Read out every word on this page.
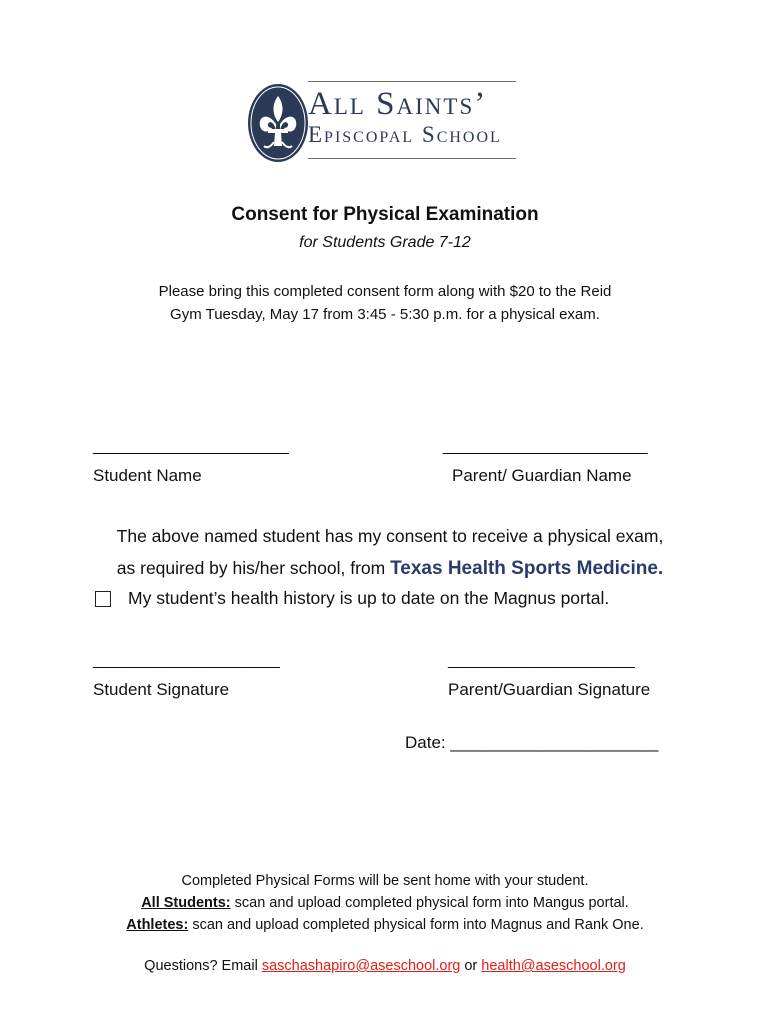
All Saints’
Episcopal School
Consent for Physical Examination
for Students Grade 7-12
Please bring this completed consent form along with $20 to the Reid
Gym Tuesday, May 17 from 3:45 - 5:30 p.m. for a physical exam.
______________________	_______________________
Student Name	Parent/ Guardian Name
The above named student has my consent to receive a physical exam,
as required by his/her school, from Texas Health Sports Medicine.
My student’s health history is up to date on the Magnus portal.
_____________________	_____________________
Student Signature	Parent/Guardian Signature
Date: ______________________
Completed Physical Forms will be sent home with your student.
All Students: scan and upload completed physical form into Mangus portal.
Athletes: scan and upload completed physical form into Magnus and Rank One.
Questions? Email saschashapiro@aseschool.org or health@aseschool.org
